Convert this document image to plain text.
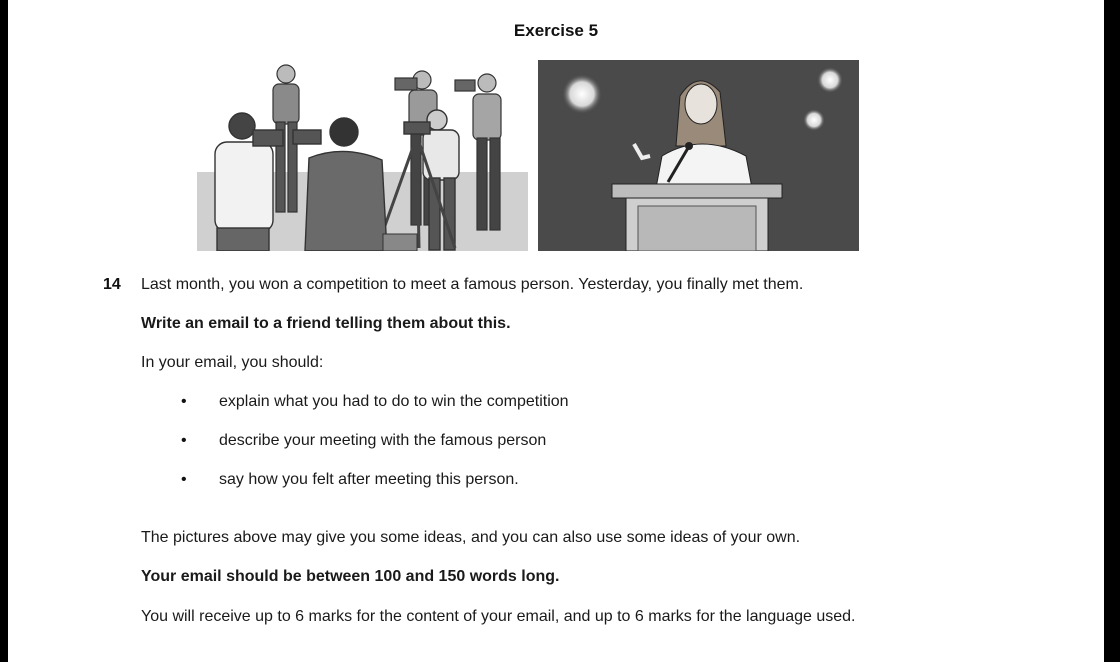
Exercise 5
14 Last month, you won a competition to meet a famous person. Yesterday, you finally met them.
Write an email to a friend telling them about this.
In your email, you should:
• explain what you had to do to win the competition
• describe your meeting with the famous person
• say how you felt after meeting this person.
The pictures above may give you some ideas, and you can also use some ideas of your own.
Your email should be between 100 and 150 words long.
You will receive up to 6 marks for the content of your email, and up to 6 marks for the language used.
